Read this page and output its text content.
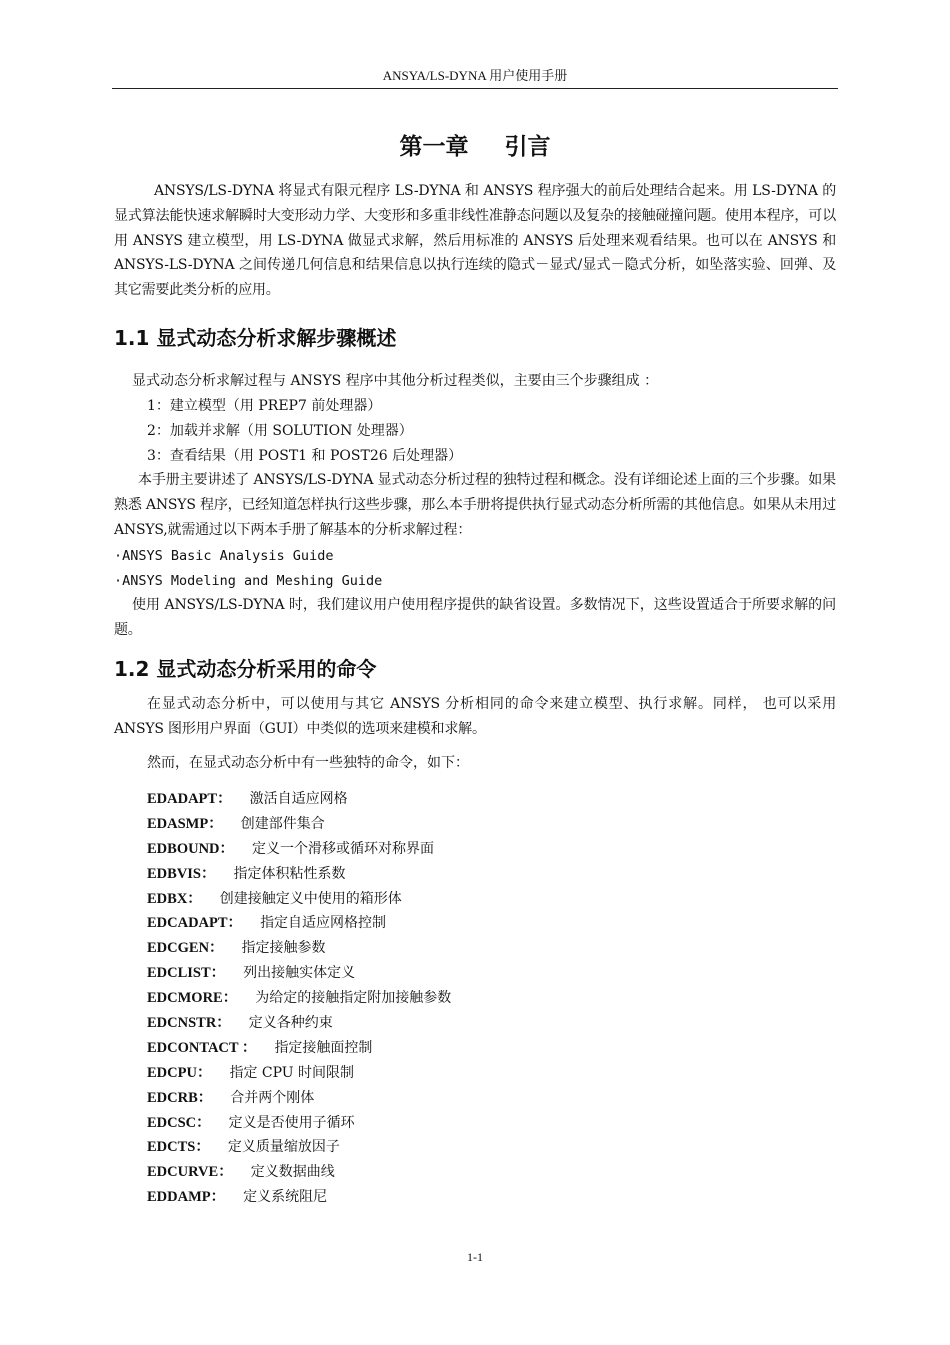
ANSYA/LS-DYNA 用户使用手册
第一章 引言
ANSYS/LS-DYNA 将显式有限元程序 LS-DYNA 和 ANSYS 程序强大的前后处理结合起来。用 LS-DYNA 的显式算法能快速求解瞬时大变形动力学、大变形和多重非线性准静态问题以及复杂的接触碰撞问题。使用本程序，可以用 ANSYS 建立模型，用 LS-DYNA 做显式求解，然后用标准的 ANSYS 后处理来观看结果。也可以在 ANSYS 和 ANSYS-LS-DYNA 之间传递几何信息和结果信息以执行连续的隐式－显式/显式－隐式分析，如坠落实验、回弹、及其它需要此类分析的应用。
1.1 显式动态分析求解步骤概述
显式动态分析求解过程与 ANSYS 程序中其他分析过程类似，主要由三个步骤组成 ：
1：建立模型（用 PREP7 前处理器）
2：加载并求解（用 SOLUTION 处理器）
3：查看结果（用 POST1 和 POST26 后处理器）
本手册主要讲述了 ANSYS/LS-DYNA 显式动态分析过程的独特过程和概念。没有详细论述上面的三个步骤。如果熟悉 ANSYS 程序，已经知道怎样执行这些步骤，那么本手册将提供执行显式动态分析所需的其他信息。如果从未用过 ANSYS,就需通过以下两本手册了解基本的分析求解过程：
·ANSYS Basic Analysis Guide
·ANSYS Modeling and Meshing Guide
使用 ANSYS/LS-DYNA 时，我们建议用户使用程序提供的缺省设置。多数情况下，这些设置适合于所要求解的问题。
1.2 显式动态分析采用的命令
在显式动态分析中，可以使用与其它 ANSYS 分析相同的命令来建立模型、执行求解。同样， 也可以采用 ANSYS 图形用户界面（GUI）中类似的选项来建模和求解。
然而，在显式动态分析中有一些独特的命令，如下：
EDADAPT： 激活自适应网格
EDASMP： 创建部件集合
EDBOUND： 定义一个滑移或循环对称界面
EDBVIS： 指定体积粘性系数
EDBX： 创建接触定义中使用的箱形体
EDCADAPT： 指定自适应网格控制
EDCGEN： 指定接触参数
EDCLIST： 列出接触实体定义
EDCMORE： 为给定的接触指定附加接触参数
EDCNSTR： 定义各种约束
EDCONTACT ： 指定接触面控制
EDCPU： 指定 CPU 时间限制
EDCRB： 合并两个刚体
EDCSC： 定义是否使用子循环
EDCTS： 定义质量缩放因子
EDCURVE： 定义数据曲线
EDDAMP： 定义系统阻尼
1-1
